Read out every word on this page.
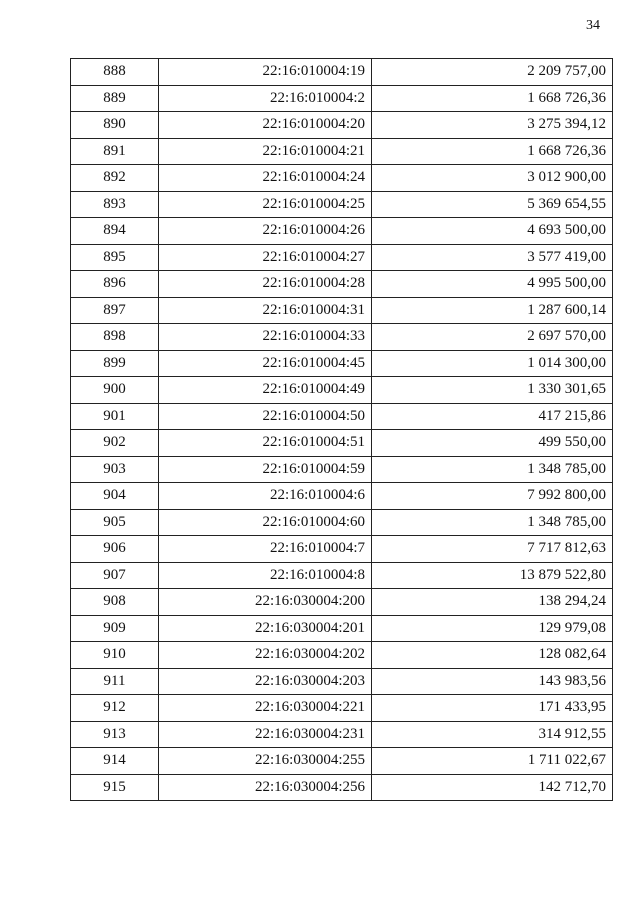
34
888	22:16:010004:19	2 209 757,00
889	22:16:010004:2	1 668 726,36
890	22:16:010004:20	3 275 394,12
891	22:16:010004:21	1 668 726,36
892	22:16:010004:24	3 012 900,00
893	22:16:010004:25	5 369 654,55
894	22:16:010004:26	4 693 500,00
895	22:16:010004:27	3 577 419,00
896	22:16:010004:28	4 995 500,00
897	22:16:010004:31	1 287 600,14
898	22:16:010004:33	2 697 570,00
899	22:16:010004:45	1 014 300,00
900	22:16:010004:49	1 330 301,65
901	22:16:010004:50	417 215,86
902	22:16:010004:51	499 550,00
903	22:16:010004:59	1 348 785,00
904	22:16:010004:6	7 992 800,00
905	22:16:010004:60	1 348 785,00
906	22:16:010004:7	7 717 812,63
907	22:16:010004:8	13 879 522,80
908	22:16:030004:200	138 294,24
909	22:16:030004:201	129 979,08
910	22:16:030004:202	128 082,64
911	22:16:030004:203	143 983,56
912	22:16:030004:221	171 433,95
913	22:16:030004:231	314 912,55
914	22:16:030004:255	1 711 022,67
915	22:16:030004:256	142 712,70
